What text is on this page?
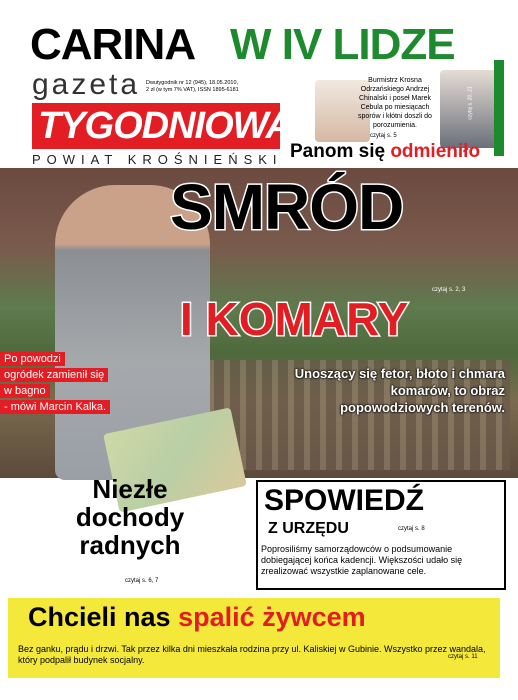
CARINA W IV LIDZE
gazeta
TYGODNIOWA
POWIAT KROŚNIEŃSKI
Dwutygodnik nr 12 (945), 18.05.2010,
2 zł (w tym 7% VAT), ISSN 1895-6181
Burmistrz Krosna Odrzańskiego Andrzej Chinalski i poseł Marek Cebula po miesiącach sporów i kłótni doszli do porozumienia.
czytaj s. 5
czytaj s. 20, 21
Panom się odmieniło
SMRÓD
czytaj s. 2, 3
I KOMARY
Unoszący się fetor, błoto i chmara komarów, to obraz popowodziowych terenów.
Po powodzi
ogródek zamienił się
w bagno
- mówi Marcin Kalka.
Niezłe
dochody
radnych
czytaj s. 6, 7
SPOWIEDŹ
Z URZĘDU	czytaj s. 8
Poprosiliśmy samorządowców o podsumowanie dobiegającej końca kadencji. Większości udało się zrealizować wszystkie zaplanowane cele.
Chcieli nas spalić żywcem
Bez ganku, prądu i drzwi. Tak przez kilka dni mieszkała rodzina przy ul. Kaliskiej w Gubinie. Wszystko przez wandala, który podpalił budynek socjalny.	czytaj s. 11
